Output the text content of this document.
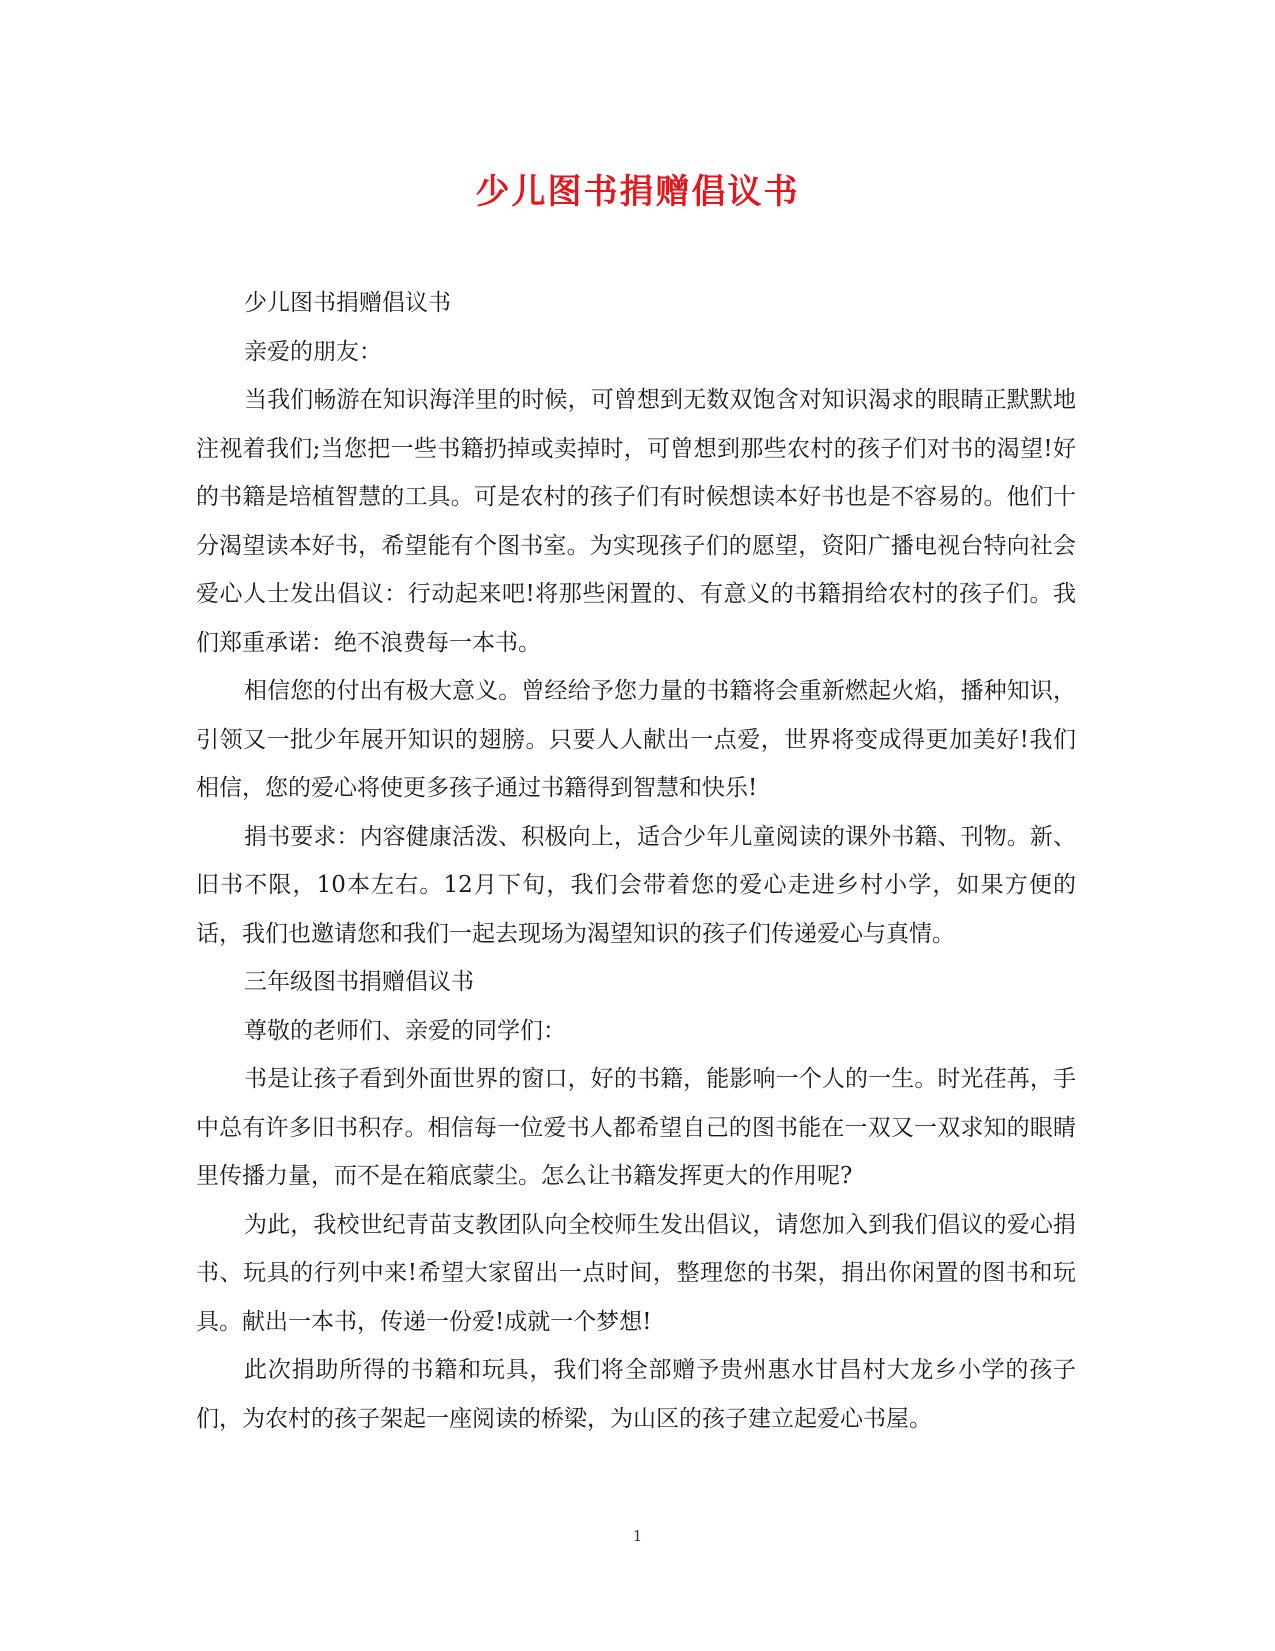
少儿图书捐赠倡议书

少儿图书捐赠倡议书

亲爱的朋友：

当我们畅游在知识海洋里的时候，可曾想到无数双饱含对知识渴求的眼睛正默默地注视着我们;当您把一些书籍扔掉或卖掉时，可曾想到那些农村的孩子们对书的渴望!好的书籍是培植智慧的工具。可是农村的孩子们有时候想读本好书也是不容易的。他们十分渴望读本好书，希望能有个图书室。为实现孩子们的愿望，资阳广播电视台特向社会爱心人士发出倡议：行动起来吧!将那些闲置的、有意义的书籍捐给农村的孩子们。我们郑重承诺：绝不浪费每一本书。

相信您的付出有极大意义。曾经给予您力量的书籍将会重新燃起火焰，播种知识，引领又一批少年展开知识的翅膀。只要人人献出一点爱，世界将变成得更加美好!我们相信，您的爱心将使更多孩子通过书籍得到智慧和快乐!

捐书要求：内容健康活泼、积极向上，适合少年儿童阅读的课外书籍、刊物。新、旧书不限，10本左右。12月下旬，我们会带着您的爱心走进乡村小学，如果方便的话，我们也邀请您和我们一起去现场为渴望知识的孩子们传递爱心与真情。

三年级图书捐赠倡议书

尊敬的老师们、亲爱的同学们：

书是让孩子看到外面世界的窗口，好的书籍，能影响一个人的一生。时光荏苒，手中总有许多旧书积存。相信每一位爱书人都希望自己的图书能在一双又一双求知的眼睛里传播力量，而不是在箱底蒙尘。怎么让书籍发挥更大的作用呢?

为此，我校世纪青苗支教团队向全校师生发出倡议，请您加入到我们倡议的爱心捐书、玩具的行列中来!希望大家留出一点时间，整理您的书架，捐出你闲置的图书和玩具。献出一本书，传递一份爱!成就一个梦想!

此次捐助所得的书籍和玩具，我们将全部赠予贵州惠水甘昌村大龙乡小学的孩子们，为农村的孩子架起一座阅读的桥梁，为山区的孩子建立起爱心书屋。

1
